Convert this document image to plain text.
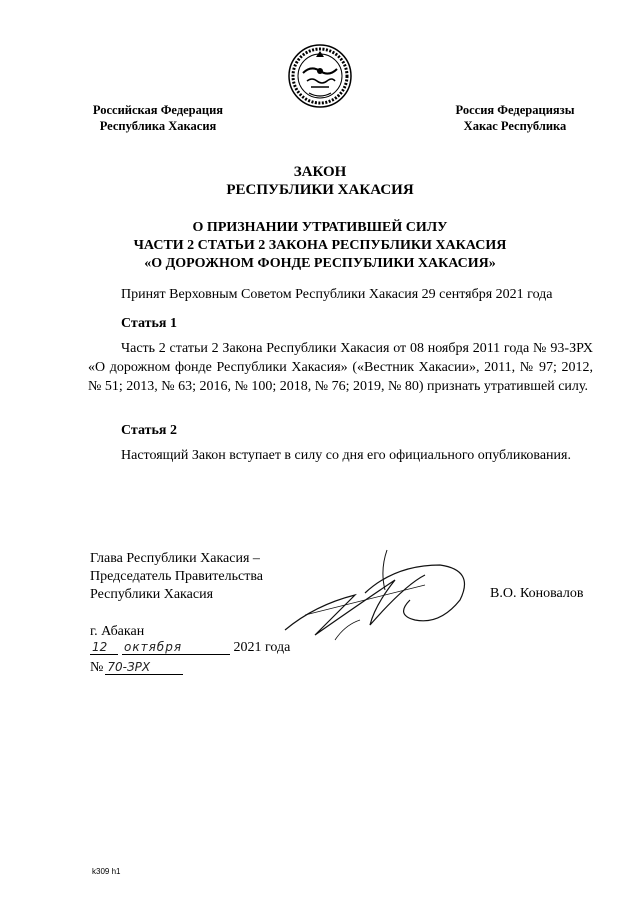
Российская Федерация
Республика Хакасия
Россия Федерациязы
Хакас Республика
ЗАКОН
РЕСПУБЛИКИ ХАКАСИЯ
О ПРИЗНАНИИ УТРАТИВШЕЙ СИЛУ
ЧАСТИ 2 СТАТЬИ 2 ЗАКОНА РЕСПУБЛИКИ ХАКАСИЯ
«О ДОРОЖНОМ ФОНДЕ РЕСПУБЛИКИ ХАКАСИЯ»
Принят Верховным Советом Республики Хакасия 29 сентября 2021 года
Статья 1
Часть 2 статьи 2 Закона Республики Хакасия от 08 ноября 2011 года № 93-ЗРХ «О дорожном фонде Республики Хакасия» («Вестник Хакасии», 2011, № 97; 2012, № 51; 2013, № 63; 2016, № 100; 2018, № 76; 2019, № 80) признать утратившей силу.
Статья 2
Настоящий Закон вступает в силу со дня его официального опубликования.
Глава Республики Хакасия –
Председатель Правительства
Республики Хакасия	В.О. Коновалов
г. Абакан
12 октября	2021 года
№ 70-ЗРХ
k309 h1
